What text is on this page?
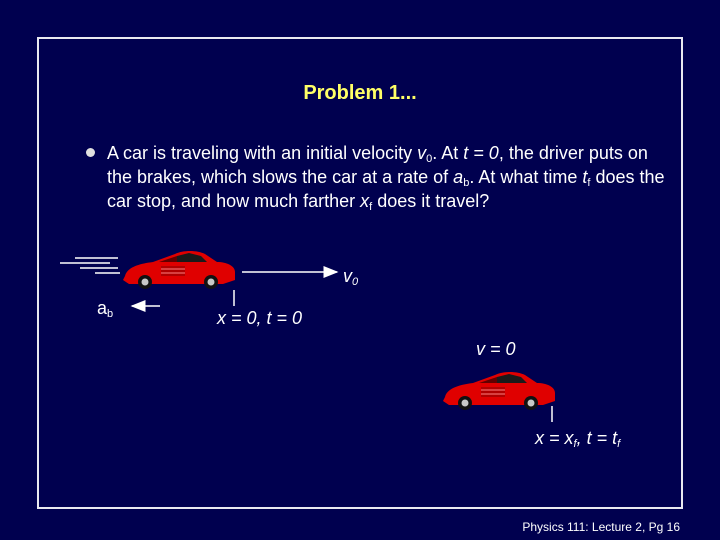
Problem 1...
A car is traveling with an initial velocity $v_0$. At t = 0, the driver puts on the brakes, which slows the car at a rate of $a_b$. At what time $t_f$ does the car stop, and how much farther $x_f$ does it travel?
$v_0$
$a_b$	x = 0, t = 0
v = 0
$x = x_f$, $t = t_f$
Physics 111: Lecture 2, Pg 16
